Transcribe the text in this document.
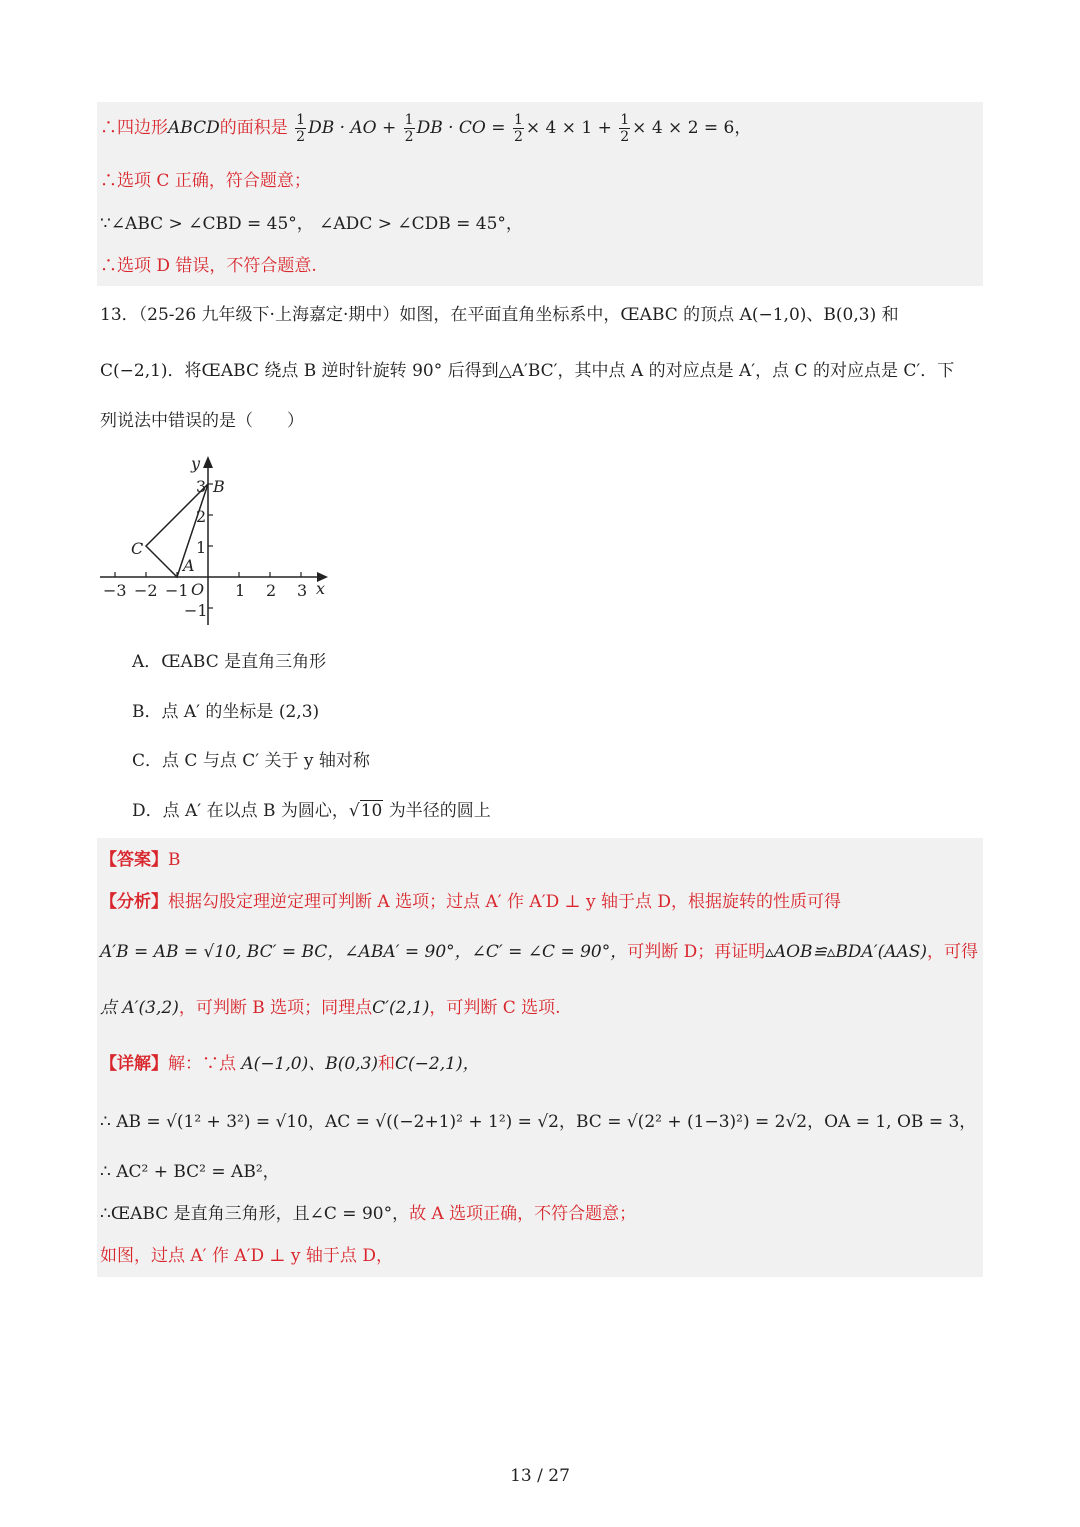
∴四边形ABCD的面积是 $\frac{1}{2}$ DB · AO + $\frac{1}{2}$ DB · CO = $\frac{1}{2} \times 4 \times 1 + \frac{1}{2} \times 4 \times 2 = 6$，
∴选项 C 正确，符合题意；
∵∠ABC > ∠CBD = 45°， ∠ADC > ∠CDB = 45°，
∴选项 D 错误，不符合题意.
13．（25-26 九年级下·上海嘉定·期中）如图，在平面直角坐标系中，ŒABC 的顶点 A(−1,0)、B(0,3) 和
C(−2,1)．将ŒABC 绕点 B 逆时针旋转 90° 后得到△A′BC′，其中点 A 的对应点是 A′，点 C 的对应点是 C′．下
列说法中错误的是（　　）
y
x
O
B
C
A
−3 −2 −1	1 2 3
3
2
1
−1
A．ŒABC 是直角三角形
B．点 A′ 的坐标是 (2,3)
C．点 C 与点 C′ 关于 y 轴对称
D．点 A′ 在以点 B 为圆心，√10 为半径的圆上
【答案】B
【分析】根据勾股定理逆定理可判断 A 选项；过点 A′ 作 A′D ⊥ y 轴于点 D，根据旋转的性质可得
A′B = AB = √10, BC′ = BC，∠ABA′ = 90°，∠C′ = ∠C = 90°，可判断 D；再证明▵AOB≌▵BDA′(AAS)，可得
点 A′(3,2)，可判断 B 选项；同理点C′(2,1)，可判断 C 选项.
【详解】解：∵点 A(−1,0)、B(0,3)和C(−2,1)，
∴ AB = √(1² + 3²) = √10，AC = √((−2+1)² + 1²) = √2，BC = √(2² + (1−3)²) = 2√2，OA = 1, OB = 3，
∴ AC² + BC² = AB²，
∴ŒABC 是直角三角形，且∠C = 90°，故 A 选项正确，不符合题意；
如图，过点 A′ 作 A′D ⊥ y 轴于点 D，
13 / 27
